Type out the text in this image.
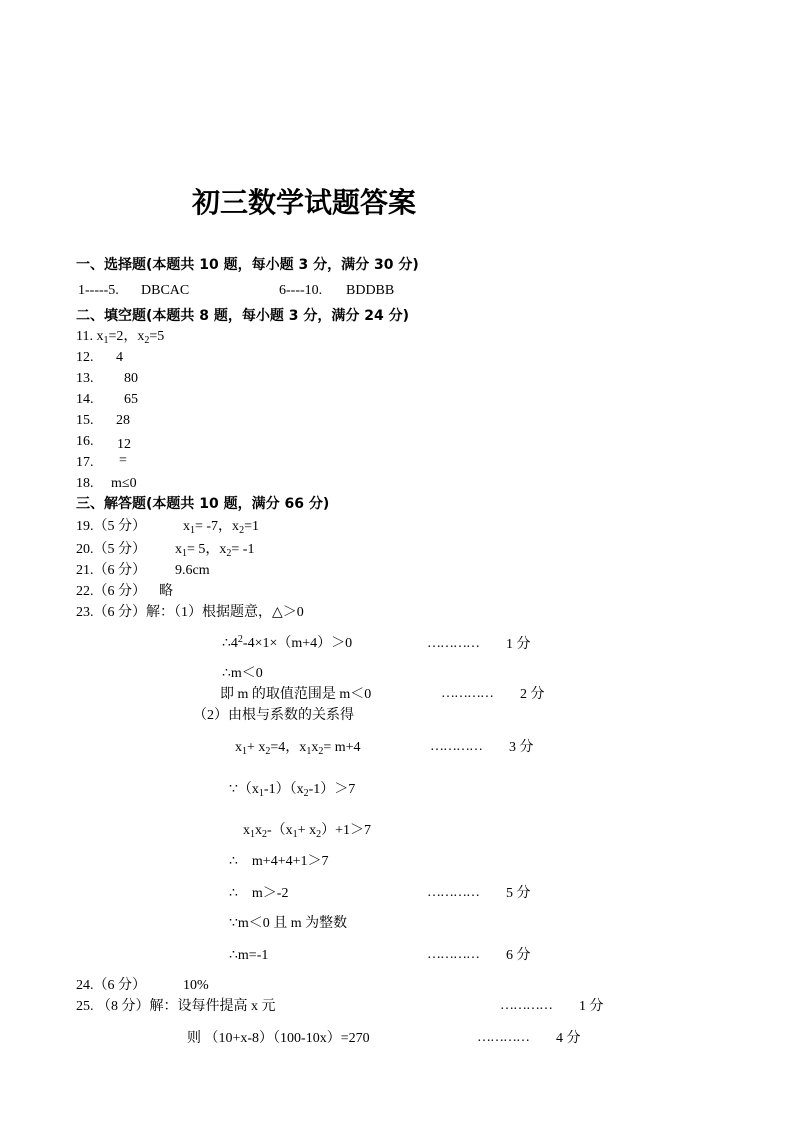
初三数学试题答案
一、选择题(本题共 10 题，每小题 3 分，满分 30 分)
1-----5. DBCAC	6----10. BDDBB
二、填空题(本题共 8 题，每小题 3 分，满分 24 分)
11. $x_1=2$，$x_2=5$
12. 4
13. 80
14. 65
15. 28
16. 12
17. =
18. m≤0
三、解答题(本题共 10 题，满分 66 分)
19.（5 分）	$x_1= -7$，$x_2=1$
20.（5 分） $x_1= 5$，$x_2= -1$
21.（6 分） 9.6cm
22.（6 分） 略
23.（6 分）解：（1）根据题意，△＞0
$\therefore 4^2-4\times 1\times(m+4)>0$	………… 1 分
∴m＜0
即 m 的取值范围是 m＜0	………… 2 分
（2）由根与系数的关系得
$x_1+ x_2=4$，$x_1x_2= m+4$	………… 3 分
$\because(x_1-1)(x_2-1)>7$
$x_1x_2-(x_1+ x_2)+1>7$
∴　m+4+4+1＞7
∴　m＞-2	………… 5 分
∵m＜0 且 m 为整数
∴m=-1	………… 6 分
24.（6 分）	10%
25. （8 分）解：设每件提高 x 元	………… 1 分
则 （10+x-8）（100-10x）=270	………… 4 分
